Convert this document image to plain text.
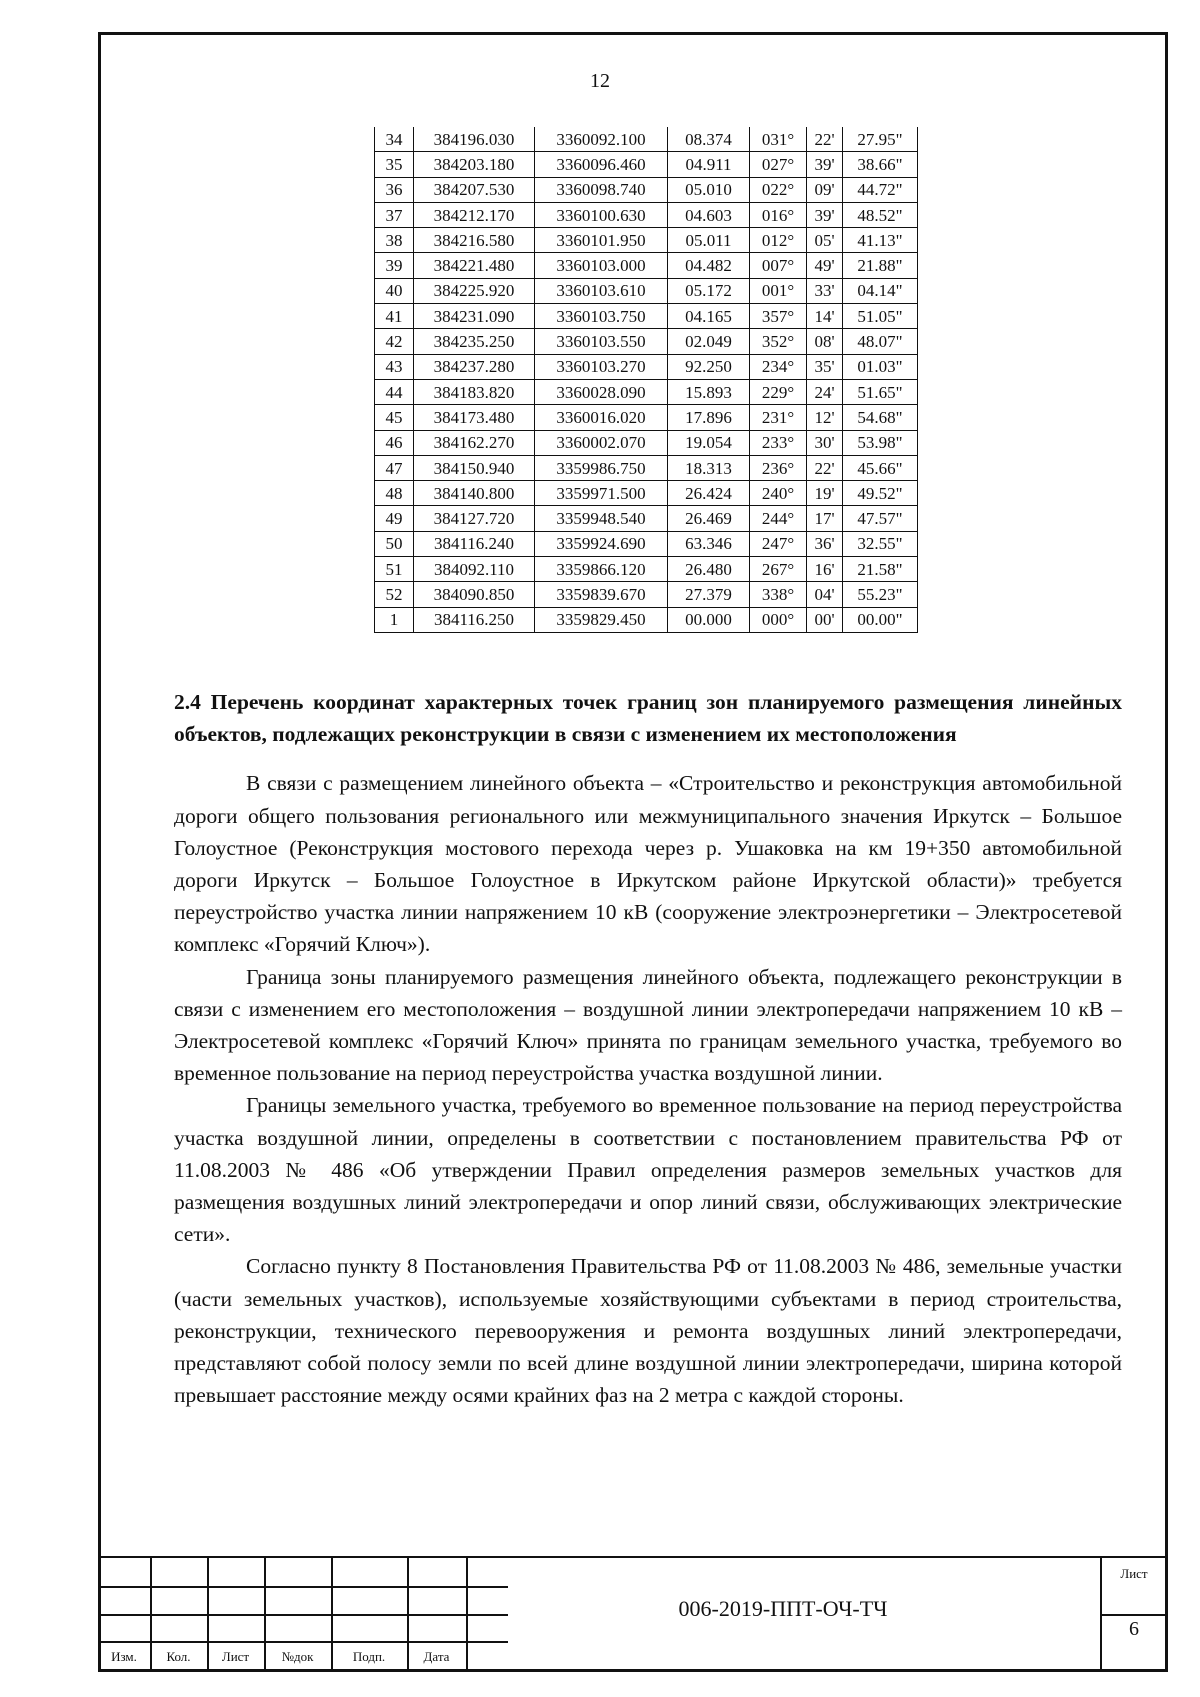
12
34	384196.030	3360092.100	08.374	031°	22'	27.95"
35	384203.180	3360096.460	04.911	027°	39'	38.66"
36	384207.530	3360098.740	05.010	022°	09'	44.72"
37	384212.170	3360100.630	04.603	016°	39'	48.52"
38	384216.580	3360101.950	05.011	012°	05'	41.13"
39	384221.480	3360103.000	04.482	007°	49'	21.88"
40	384225.920	3360103.610	05.172	001°	33'	04.14"
41	384231.090	3360103.750	04.165	357°	14'	51.05"
42	384235.250	3360103.550	02.049	352°	08'	48.07"
43	384237.280	3360103.270	92.250	234°	35'	01.03"
44	384183.820	3360028.090	15.893	229°	24'	51.65"
45	384173.480	3360016.020	17.896	231°	12'	54.68"
46	384162.270	3360002.070	19.054	233°	30'	53.98"
47	384150.940	3359986.750	18.313	236°	22'	45.66"
48	384140.800	3359971.500	26.424	240°	19'	49.52"
49	384127.720	3359948.540	26.469	244°	17'	47.57"
50	384116.240	3359924.690	63.346	247°	36'	32.55"
51	384092.110	3359866.120	26.480	267°	16'	21.58"
52	384090.850	3359839.670	27.379	338°	04'	55.23"
1	384116.250	3359829.450	00.000	000°	00'	00.00"
2.4 Перечень координат характерных точек границ зон планируемого размещения линейных объектов, подлежащих реконструкции в связи с изменением их местоположения

В связи с размещением линейного объекта – «Строительство и реконструкция автомобильной дороги общего пользования регионального или межмуниципального значения Иркутск – Большое Голоустное (Реконструкция мостового перехода через р. Ушаковка на км 19+350 автомобильной дороги Иркутск – Большое Голоустное в Иркутском районе Иркутской области)» требуется переустройство участка линии напряжением 10 кВ (сооружение электроэнергетики – Электросетевой комплекс «Горячий Ключ»).

Граница зоны планируемого размещения линейного объекта, подлежащего реконструкции в связи с изменением его местоположения – воздушной линии электропередачи напряжением 10 кВ – Электросетевой комплекс «Горячий Ключ» принята по границам земельного участка, требуемого во временное пользование на период переустройства участка воздушной линии.

Границы земельного участка, требуемого во временное пользование на период переустройства участка воздушной линии, определены в соответствии с постановлением правительства РФ от 11.08.2003 № 486 «Об утверждении Правил определения размеров земельных участков для размещения воздушных линий электропередачи и опор линий связи, обслуживающих электрические сети».

Согласно пункту 8 Постановления Правительства РФ от 11.08.2003 № 486, земельные участки (части земельных участков), используемые хозяйствующими субъектами в период строительства, реконструкции, технического перевооружения и ремонта воздушных линий электропередачи, представляют собой полосу земли по всей длине воздушной линии электропередачи, ширина которой превышает расстояние между осями крайних фаз на 2 метра с каждой стороны.

Изм.	Кол.	Лист	№док	Подп.	Дата
006-2019-ППТ-ОЧ-ТЧ
Лист
6
